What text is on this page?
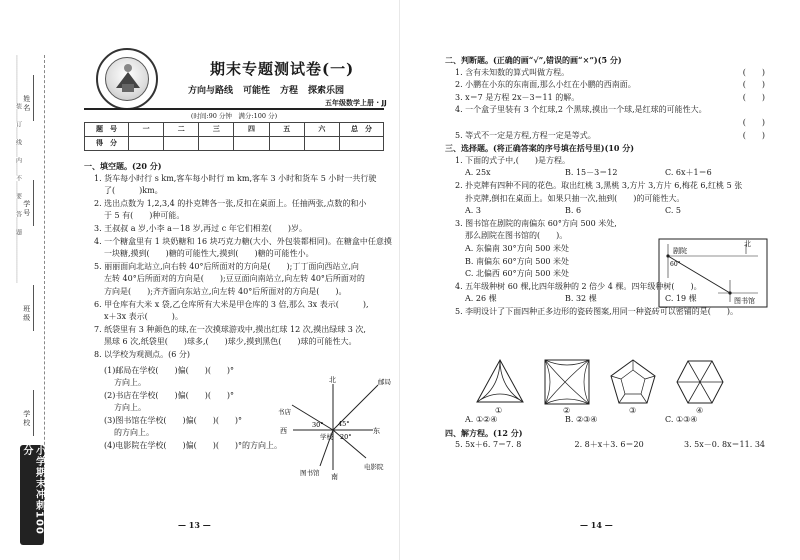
……………………装……订……线……内……不……要……答……题…………………… 姓名
学号
班级
学校
小学期末冲刺100分
期末专题测试卷(一)
方向与路线 可能性 方程 探索乐园
五年级数学上册 · JJ
(时间:90 分钟　满分:100 分)
题　号	一	二	三	四	五	六	总　分
得　分							
一、填空题。(20 分)
1. 货车每小时行 s km,客车每小时行 m km,客车 3 小时和货车 5 小时一共行驶
了(　　　)km。
2. 选出点数为 1,2,3,4 的扑克牌各一张,反扣在桌面上。任抽两张,点数的和小
于 5 有(　　)种可能。
3. 王叔叔 a 岁,小李 a－18 岁,再过 c 年它们相差(　　)岁。
4. 一个糖盒里有 1 块奶糖和 16 块巧克力糖(大小、外包装都相同)。在糖盒中任意摸
一块糖,摸到(　　)糖的可能性大,摸到(　　)糖的可能性小。
5. 丽丽面向北站立,向右转 40°后所面对的方向是(　　);丁丁面向西站立,向
左转 40°后所面对的方向是(　　);豆豆面向南站立,向左转 40°后所面对的
方向是(　　);齐齐面向东站立,向左转 40°后所面对的方向是(　　)。
6. 甲仓库有大米 x 袋,乙仓库所有大米是甲仓库的 3 倍,那么 3x 表示(　　　),
x＋3x 表示(　　　)。
7. 纸袋里有 3 种颜色的球,在一次摸球游戏中,摸出红球 12 次,摸出绿球 3 次,
黑球 6 次,纸袋里(　　)球多,(　　)球少,摸到黑色(　　)球的可能性大。
8. 以学校为观测点。(6 分)
(1)邮局在学校(　　)偏(　　)(　　)°
方向上。
(2)书店在学校(　　)偏(　　)(　　)°
方向上。
(3)图书馆在学校(　　)偏(　　)(　　)°
的方向上。
(4)电影院在学校(　　)偏(　　)(　　)°的方向上。
北
南
东
西
学校
邮局
书店
图书馆
电影院
30° 45°
20°
— 13 —
二、判断题。(正确的画“√”,错误的画“×”)(5 分)
1. 含有未知数的算式叫做方程。	(　　)
2. 小鹏在小东的东南面,那么小红在小鹏的西南面。	(　　)
3. x＝7 是方程 2x－3＝11 的解。	(　　)
4. 一个盒子里装有 3 个红球,2 个黑球,摸出一个球,是红球的可能性大。
(　　)
5. 等式不一定是方程,方程一定是等式。	(　　)
三、选择题。(将正确答案的序号填在括号里)(10 分)
1. 下面的式子中,(　　)是方程。
A. 25x	B. 15－3＝12	C. 6x＋1＝6
2. 扑克牌有四种不同的花色。取出红桃 3,黑桃 3,方片 3,方片 6,梅花 6,红桃 5 张
扑克牌,倒扣在桌面上。如果只抽一次,抽到(　　)的可能性大。
A. 3	B. 6	C. 5
3. 图书馆在剧院的南偏东 60°方向 500 米处,
那么剧院在图书馆的(　　)。
A. 东偏南 30°方向 500 米处
B. 南偏东 60°方向 500 米处
C. 北偏西 60°方向 500 米处
4. 五年级种树 60 棵,比四年级种的 2 倍少 4 棵。四年级种树(　　)。
A. 26 棵	B. 32 棵	C. 19 棵
5. 李明设计了下面四种正多边形的瓷砖图案,用同一种瓷砖可以密铺的是(　　)。
北
剧院
图书馆
60°
①	②	③	④
A. ①②④	B. ②③④	C. ①③④
四、解方程。(12 分)
5. 5x＋6. 7＝7. 8	2. 8＋x＋3. 6＝20	3. 5x－0. 8x＝11. 34
— 14 —
